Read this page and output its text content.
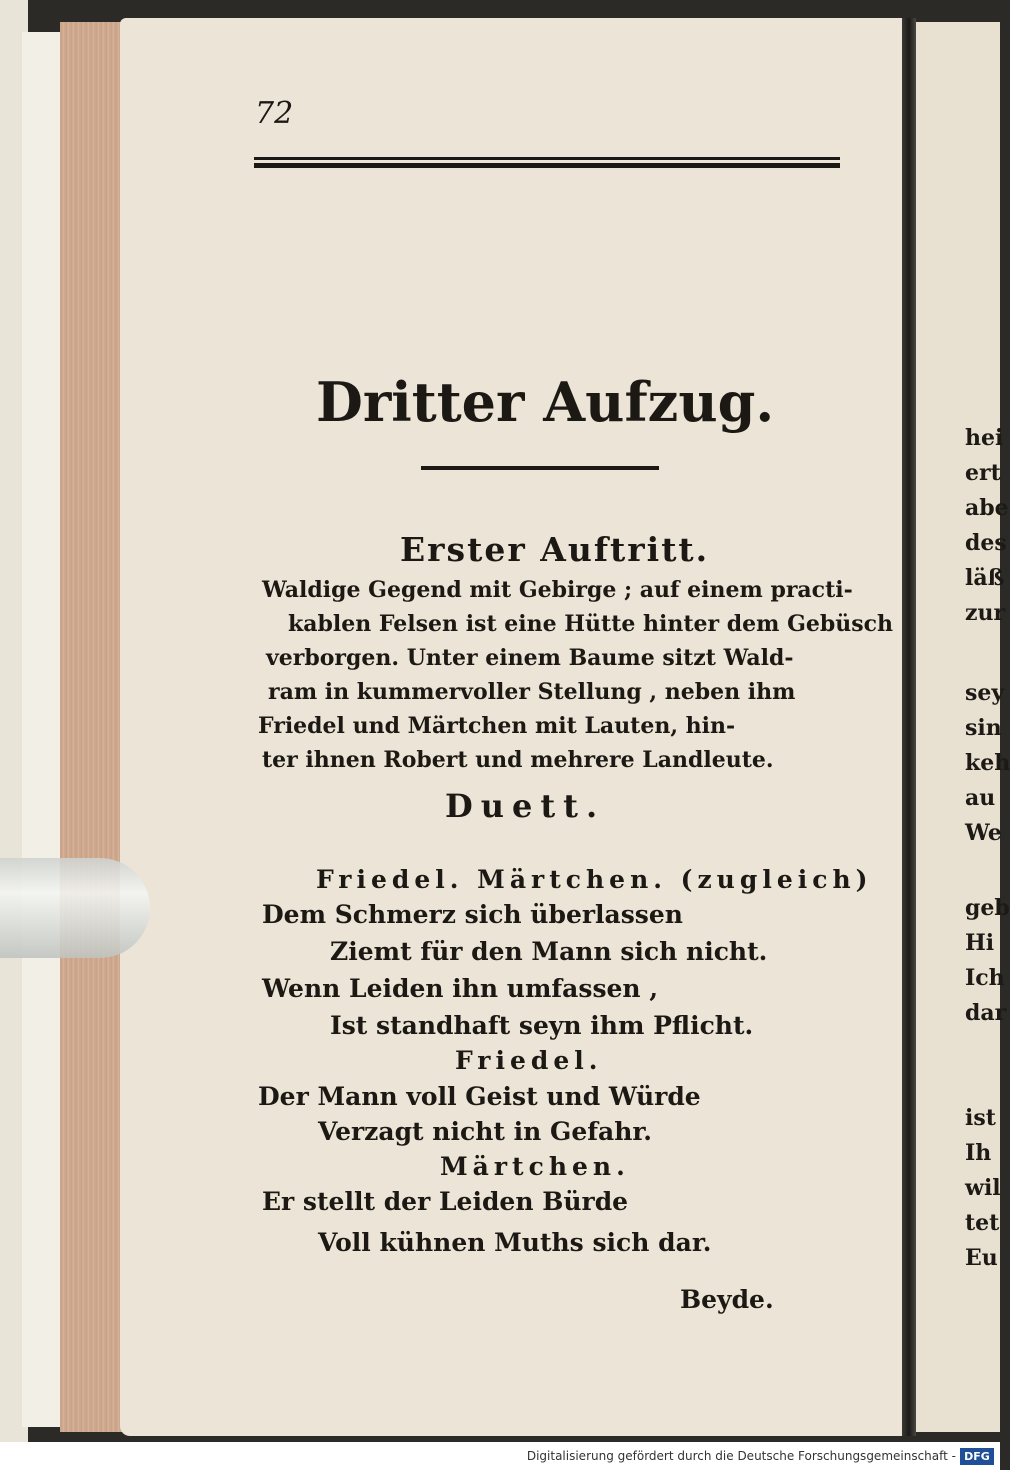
hei
ert
abe
des
läß
zur
sey
sin
keh
au
We
geb
Hi
Ich
dar
ist
Ih
wil
tet
Eu
72
Dritter Aufzug.
Erster Auftritt.
Waldige Gegend mit Gebirge ; auf einem practi-
kablen Felsen ist eine Hütte hinter dem Gebüsch
verborgen. Unter einem Baume sitzt Wald-
ram in kummervoller Stellung , neben ihm
Friedel und Märtchen mit Lauten, hin-
ter ihnen Robert und mehrere Landleute.
Duett.
Friedel. Märtchen. (zugleich)
Dem Schmerz sich überlassen
Ziemt für den Mann sich nicht.
Wenn Leiden ihn umfassen ,
Ist standhaft seyn ihm Pflicht.
Friedel.
Der Mann voll Geist und Würde
Verzagt nicht in Gefahr.
Märtchen.
Er stellt der Leiden Bürde
Voll kühnen Muths sich dar.
Beyde.
Digitalisierung gefördert durch die Deutsche Forschungsgemeinschaft - DFG
